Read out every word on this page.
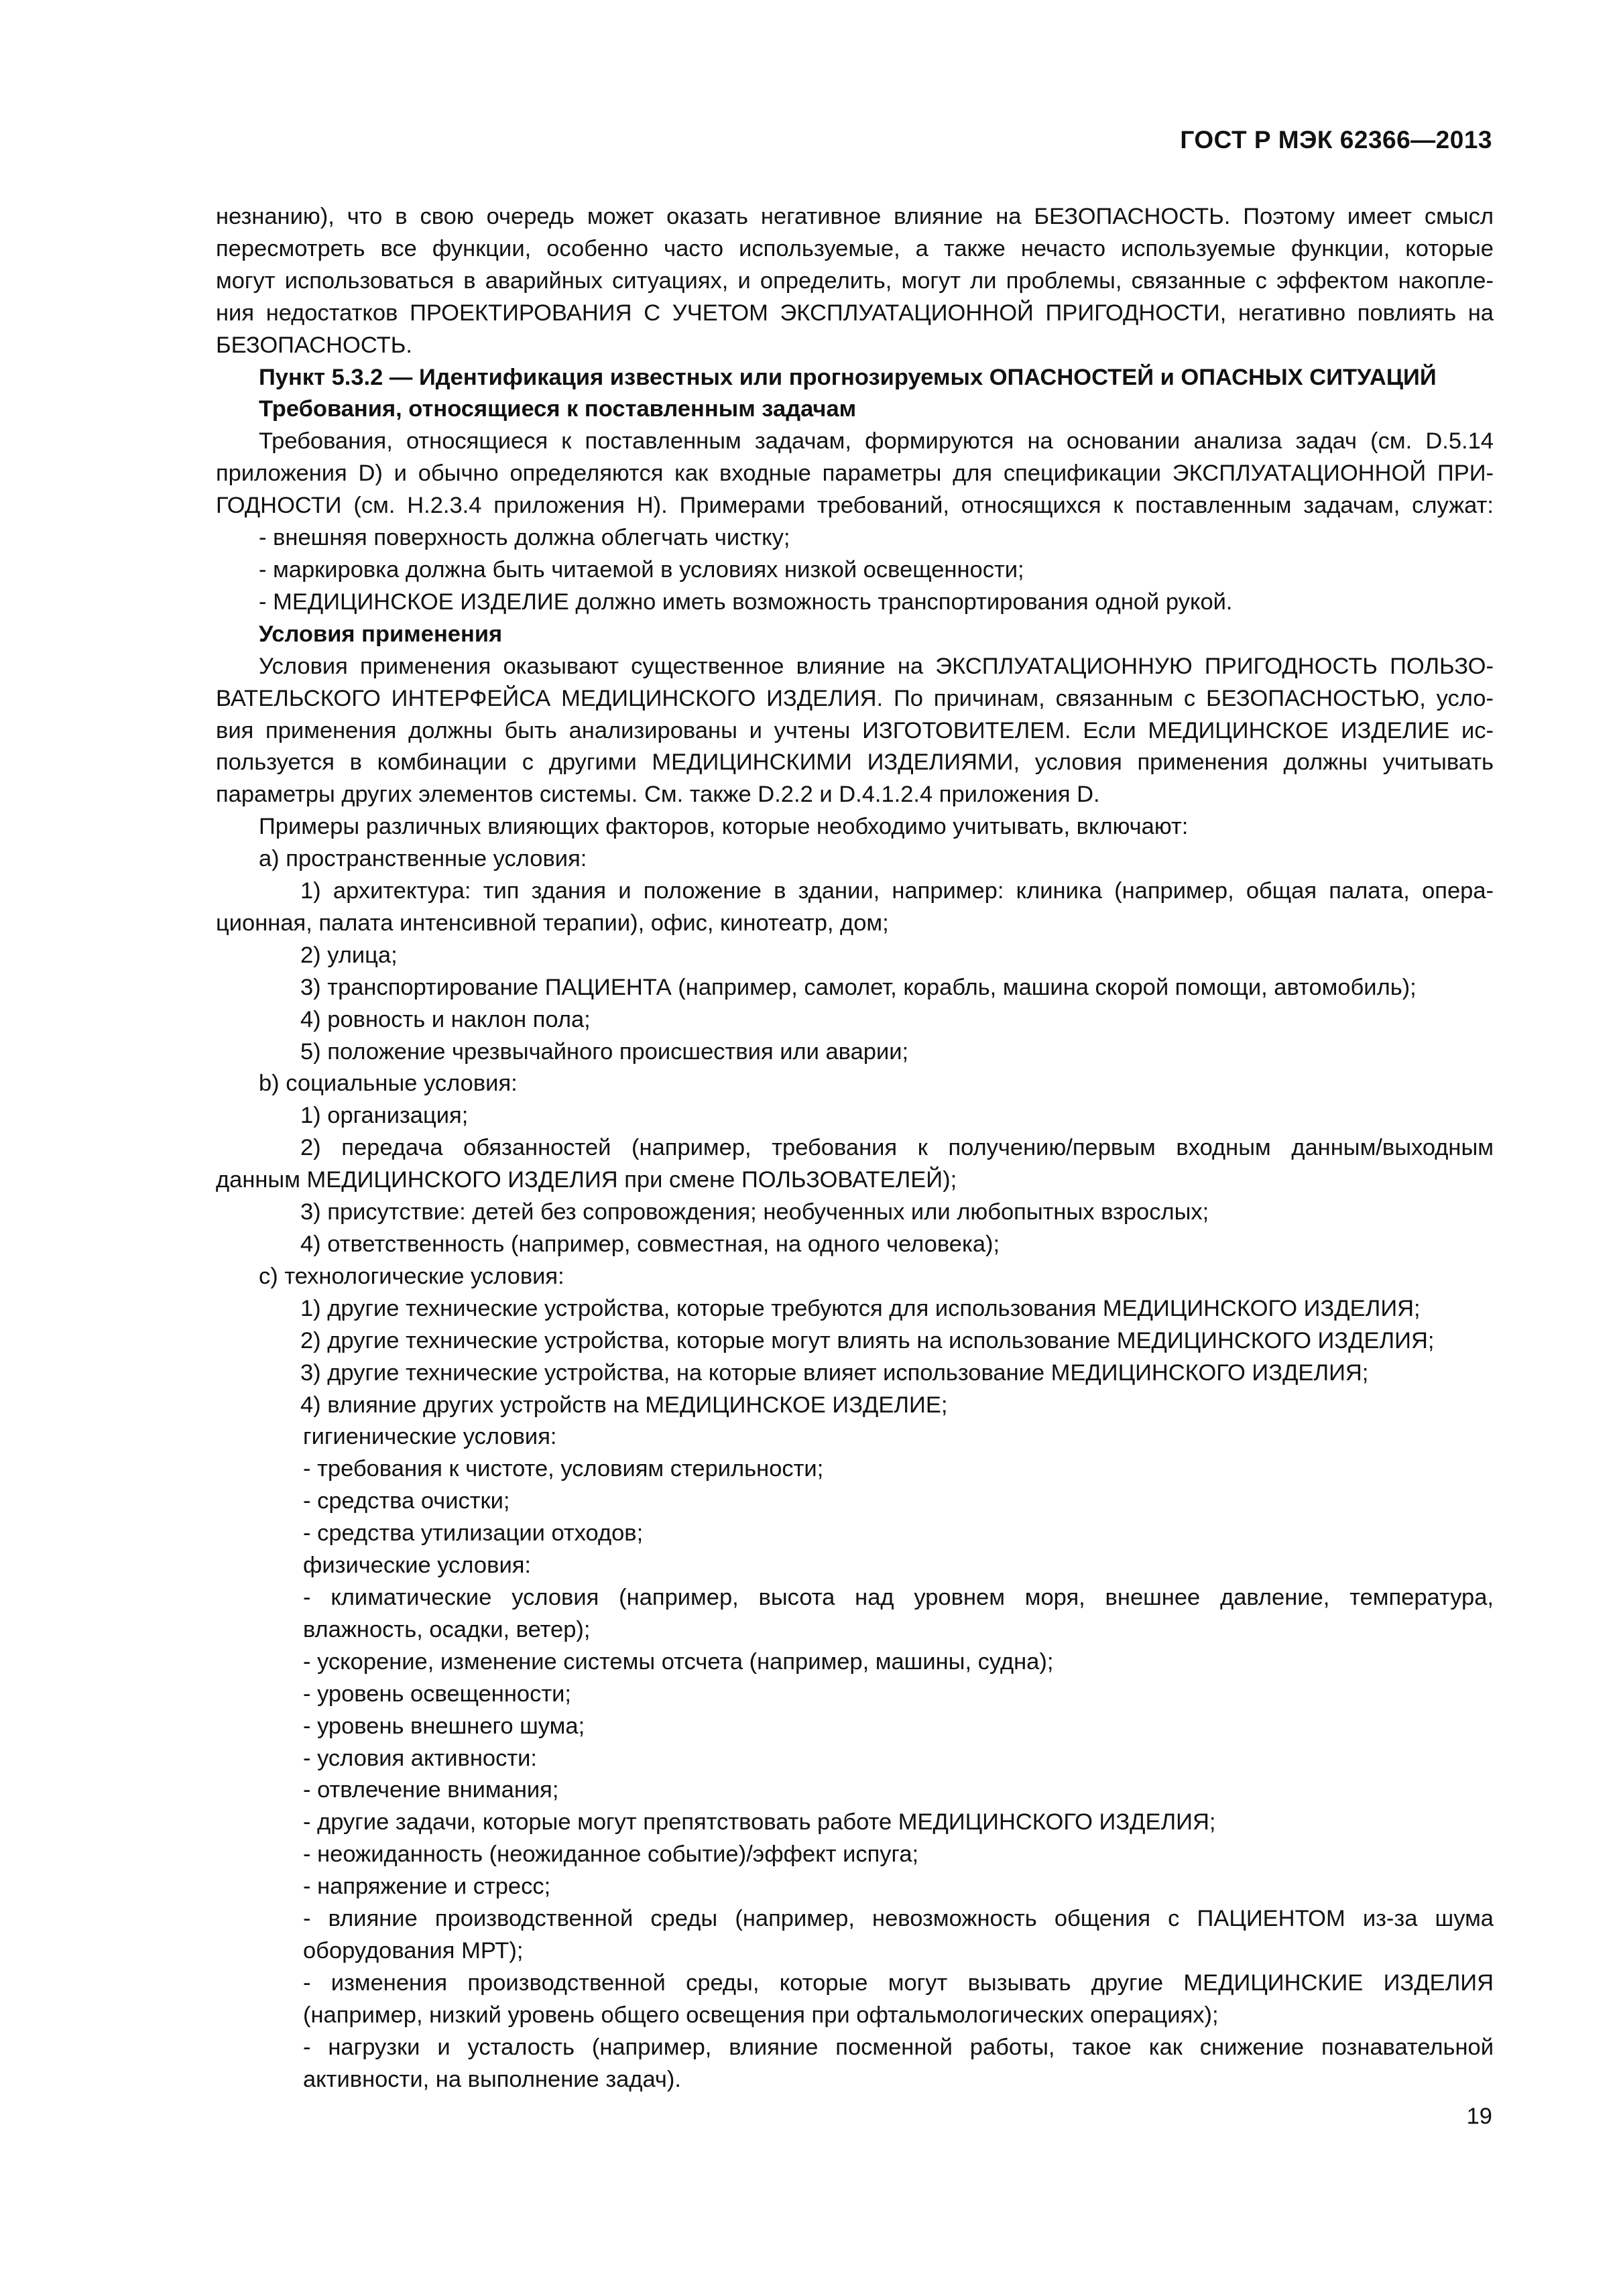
ГОСТ Р МЭК 62366—2013
незнанию), что в свою очередь может оказать негативное влияние на БЕЗОПАСНОСТЬ. Поэтому имеет смысл
пересмотреть все функции, особенно часто используемые, а также нечасто используемые функции, которые
могут использоваться в аварийных ситуациях, и определить, могут ли проблемы, связанные с эффектом накопле-
ния недостатков ПРОЕКТИРОВАНИЯ С УЧЕТОМ ЭКСПЛУАТАЦИОННОЙ ПРИГОДНОСТИ, негативно повлиять на
БЕЗОПАСНОСТЬ.
Пункт 5.3.2 — Идентификация известных или прогнозируемых ОПАСНОСТЕЙ и ОПАСНЫХ СИТУАЦИЙ
Требования, относящиеся к поставленным задачам
Требования, относящиеся к поставленным задачам, формируются на основании анализа задач (см. D.5.14
приложения D) и обычно определяются как входные параметры для спецификации ЭКСПЛУАТАЦИОННОЙ ПРИ-
ГОДНОСТИ (см. Н.2.3.4 приложения Н). Примерами требований, относящихся к поставленным задачам, служат:
- внешняя поверхность должна облегчать чистку;
- маркировка должна быть читаемой в условиях низкой освещенности;
- МЕДИЦИНСКОЕ ИЗДЕЛИЕ должно иметь возможность транспортирования одной рукой.
Условия применения
Условия применения оказывают существенное влияние на ЭКСПЛУАТАЦИОННУЮ ПРИГОДНОСТЬ ПОЛЬЗО-
ВАТЕЛЬСКОГО ИНТЕРФЕЙСА МЕДИЦИНСКОГО ИЗДЕЛИЯ. По причинам, связанным с БЕЗОПАСНОСТЬЮ, усло-
вия применения должны быть анализированы и учтены ИЗГОТОВИТЕЛЕМ. Если МЕДИЦИНСКОЕ ИЗДЕЛИЕ ис-
пользуется в комбинации с другими МЕДИЦИНСКИМИ ИЗДЕЛИЯМИ, условия применения должны учитывать
параметры других элементов системы. См. также D.2.2 и D.4.1.2.4 приложения D.
Примеры различных влияющих факторов, которые необходимо учитывать, включают:
а) пространственные условия:
1) архитектура: тип здания и положение в здании, например: клиника (например, общая палата, опера-
ционная, палата интенсивной терапии), офис, кинотеатр, дом;
2) улица;
3) транспортирование ПАЦИЕНТА (например, самолет, корабль, машина скорой помощи, автомобиль);
4) ровность и наклон пола;
5) положение чрезвычайного происшествия или аварии;
b) социальные условия:
1) организация;
2) передача обязанностей (например, требования к получению/первым входным данным/выходным
данным МЕДИЦИНСКОГО ИЗДЕЛИЯ при смене ПОЛЬЗОВАТЕЛЕЙ);
3) присутствие: детей без сопровождения; необученных или любопытных взрослых;
4) ответственность (например, совместная, на одного человека);
с) технологические условия:
1) другие технические устройства, которые требуются для использования МЕДИЦИНСКОГО ИЗДЕЛИЯ;
2) другие технические устройства, которые могут влиять на использование МЕДИЦИНСКОГО ИЗДЕЛИЯ;
3) другие технические устройства, на которые влияет использование МЕДИЦИНСКОГО ИЗДЕЛИЯ;
4) влияние других устройств на МЕДИЦИНСКОЕ ИЗДЕЛИЕ;
гигиенические условия:
- требования к чистоте, условиям стерильности;
- средства очистки;
- средства утилизации отходов;
физические условия:
- климатические условия (например, высота над уровнем моря, внешнее давление, температура,
влажность, осадки, ветер);
- ускорение, изменение системы отсчета (например, машины, судна);
- уровень освещенности;
- уровень внешнего шума;
- условия активности:
- отвлечение внимания;
- другие задачи, которые могут препятствовать работе МЕДИЦИНСКОГО ИЗДЕЛИЯ;
- неожиданность (неожиданное событие)/эффект испуга;
- напряжение и стресс;
- влияние производственной среды (например, невозможность общения с ПАЦИЕНТОМ из-за шума
оборудования МРТ);
- изменения производственной среды, которые могут вызывать другие МЕДИЦИНСКИЕ ИЗДЕЛИЯ
(например, низкий уровень общего освещения при офтальмологических операциях);
- нагрузки и усталость (например, влияние посменной работы, такое как снижение познавательной
активности, на выполнение задач).
19
